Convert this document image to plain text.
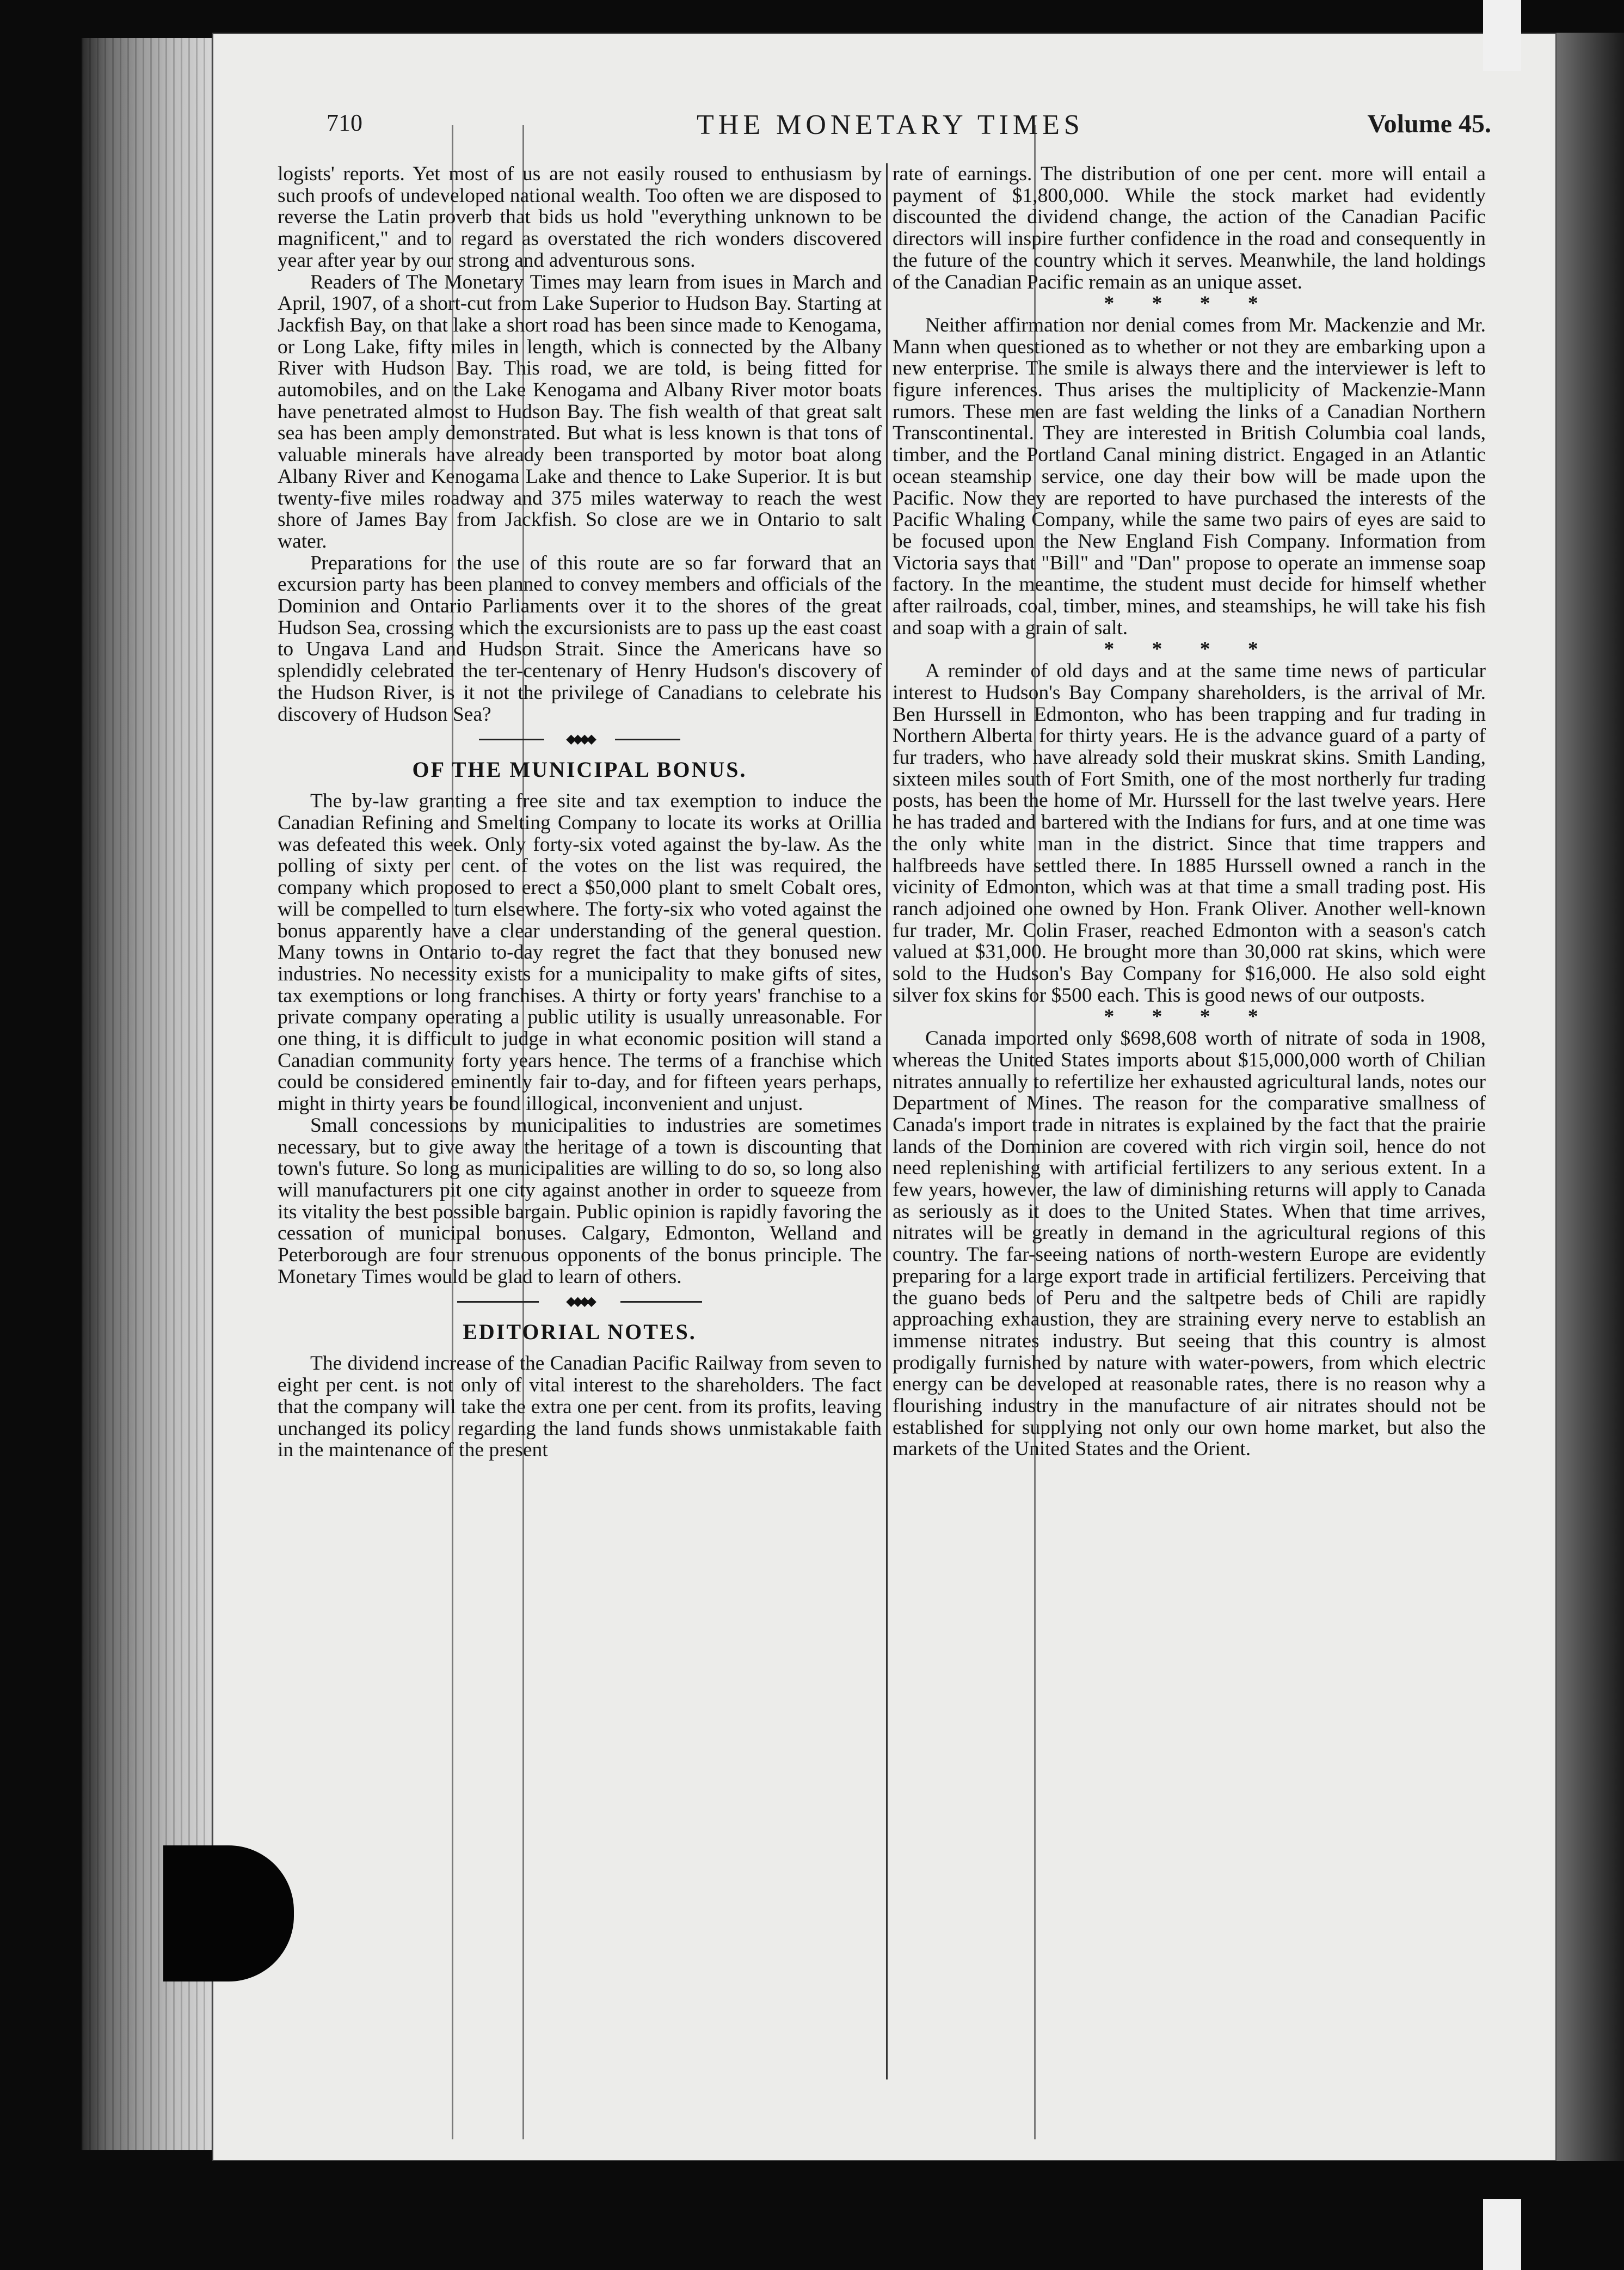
710	THE MONETARY TIMES	Volume 45.

logists' reports. Yet most of us are not easily roused to enthusiasm by such proofs of undeveloped national wealth. Too often we are disposed to reverse the Latin proverb that bids us hold "everything unknown to be magnificent," and to regard as overstated the rich wonders discovered year after year by our strong and adventurous sons.

Readers of The Monetary Times may learn from isues in March and April, 1907, of a short-cut from Lake Superior to Hudson Bay. Starting at Jackfish Bay, on that lake a short road has been since made to Kenogama, or Long Lake, fifty miles in length, which is connected by the Albany River with Hudson Bay. This road, we are told, is being fitted for automobiles, and on the Lake Kenogama and Albany River motor boats have penetrated almost to Hudson Bay. The fish wealth of that great salt sea has been amply demonstrated. But what is less known is that tons of valuable minerals have already been transported by motor boat along Albany River and Kenogama Lake and thence to Lake Superior. It is but twenty-five miles roadway and 375 miles waterway to reach the west shore of James Bay from Jackfish. So close are we in Ontario to salt water.

Preparations for the use of this route are so far forward that an excursion party has been planned to convey members and officials of the Dominion and Ontario Parliaments over it to the shores of the great Hudson Sea, crossing which the excursionists are to pass up the east coast to Ungava Land and Hudson Strait. Since the Americans have so splendidly celebrated the ter-centenary of Henry Hudson's discovery of the Hudson River, is it not the privilege of Canadians to celebrate his discovery of Hudson Sea?

◆◆◆◆

OF THE MUNICIPAL BONUS.

The by-law granting a free site and tax exemption to induce the Canadian Refining and Smelting Company to locate its works at Orillia was defeated this week. Only forty-six voted against the by-law. As the polling of sixty per cent. of the votes on the list was required, the company which proposed to erect a $50,000 plant to smelt Cobalt ores, will be compelled to turn elsewhere. The forty-six who voted against the bonus apparently have a clear understanding of the general question. Many towns in Ontario to-day regret the fact that they bonused new industries. No necessity exists for a municipality to make gifts of sites, tax exemptions or long franchises. A thirty or forty years' franchise to a private company operating a public utility is usually unreasonable. For one thing, it is difficult to judge in what economic position will stand a Canadian community forty years hence. The terms of a franchise which could be considered eminently fair to-day, and for fifteen years perhaps, might in thirty years be found illogical, inconvenient and unjust.

Small concessions by municipalities to industries are sometimes necessary, but to give away the heritage of a town is discounting that town's future. So long as municipalities are willing to do so, so long also will manufacturers pit one city against another in order to squeeze from its vitality the best possible bargain. Public opinion is rapidly favoring the cessation of municipal bonuses. Calgary, Edmonton, Welland and Peterborough are four strenuous opponents of the bonus principle. The Monetary Times would be glad to learn of others.

◆◆◆◆

EDITORIAL NOTES.

The dividend increase of the Canadian Pacific Railway from seven to eight per cent. is not only of vital interest to the shareholders. The fact that the company will take the extra one per cent. from its profits, leaving unchanged its policy regarding the land funds shows unmistakable faith in the maintenance of the present

rate of earnings. The distribution of one per cent. more will entail a payment of $1,800,000. While the stock market had evidently discounted the dividend change, the action of the Canadian Pacific directors will inspire further confidence in the road and consequently in the future of the country which it serves. Meanwhile, the land holdings of the Canadian Pacific remain as an unique asset.

* * * *

Neither affirmation nor denial comes from Mr. Mackenzie and Mr. Mann when questioned as to whether or not they are embarking upon a new enterprise. The smile is always there and the interviewer is left to figure inferences. Thus arises the multiplicity of Mackenzie-Mann rumors. These men are fast welding the links of a Canadian Northern Transcontinental. They are interested in British Columbia coal lands, timber, and the Portland Canal mining district. Engaged in an Atlantic ocean steamship service, one day their bow will be made upon the Pacific. Now they are reported to have purchased the interests of the Pacific Whaling Company, while the same two pairs of eyes are said to be focused upon the New England Fish Company. Information from Victoria says that "Bill" and "Dan" propose to operate an immense soap factory. In the meantime, the student must decide for himself whether after railroads, coal, timber, mines, and steamships, he will take his fish and soap with a grain of salt.

* * * *

A reminder of old days and at the same time news of particular interest to Hudson's Bay Company shareholders, is the arrival of Mr. Ben Hurssell in Edmonton, who has been trapping and fur trading in Northern Alberta for thirty years. He is the advance guard of a party of fur traders, who have already sold their muskrat skins. Smith Landing, sixteen miles south of Fort Smith, one of the most northerly fur trading posts, has been the home of Mr. Hurssell for the last twelve years. Here he has traded and bartered with the Indians for furs, and at one time was the only white man in the district. Since that time trappers and halfbreeds have settled there. In 1885 Hurssell owned a ranch in the vicinity of Edmonton, which was at that time a small trading post. His ranch adjoined one owned by Hon. Frank Oliver. Another well-known fur trader, Mr. Colin Fraser, reached Edmonton with a season's catch valued at $31,000. He brought more than 30,000 rat skins, which were sold to the Hudson's Bay Company for $16,000. He also sold eight silver fox skins for $500 each. This is good news of our outposts.

* * * *

Canada imported only $698,608 worth of nitrate of soda in 1908, whereas the United States imports about $15,000,000 worth of Chilian nitrates annually to refertilize her exhausted agricultural lands, notes our Department of Mines. The reason for the comparative smallness of Canada's import trade in nitrates is explained by the fact that the prairie lands of the Dominion are covered with rich virgin soil, hence do not need replenishing with artificial fertilizers to any serious extent. In a few years, however, the law of diminishing returns will apply to Canada as seriously as it does to the United States. When that time arrives, nitrates will be greatly in demand in the agricultural regions of this country. The far-seeing nations of north-western Europe are evidently preparing for a large export trade in artificial fertilizers. Perceiving that the guano beds of Peru and the saltpetre beds of Chili are rapidly approaching exhaustion, they are straining every nerve to establish an immense nitrates industry. But seeing that this country is almost prodigally furnished by nature with water-powers, from which electric energy can be developed at reasonable rates, there is no reason why a flourishing industry in the manufacture of air nitrates should not be established for supplying not only our own home market, but also the markets of the United States and the Orient.
